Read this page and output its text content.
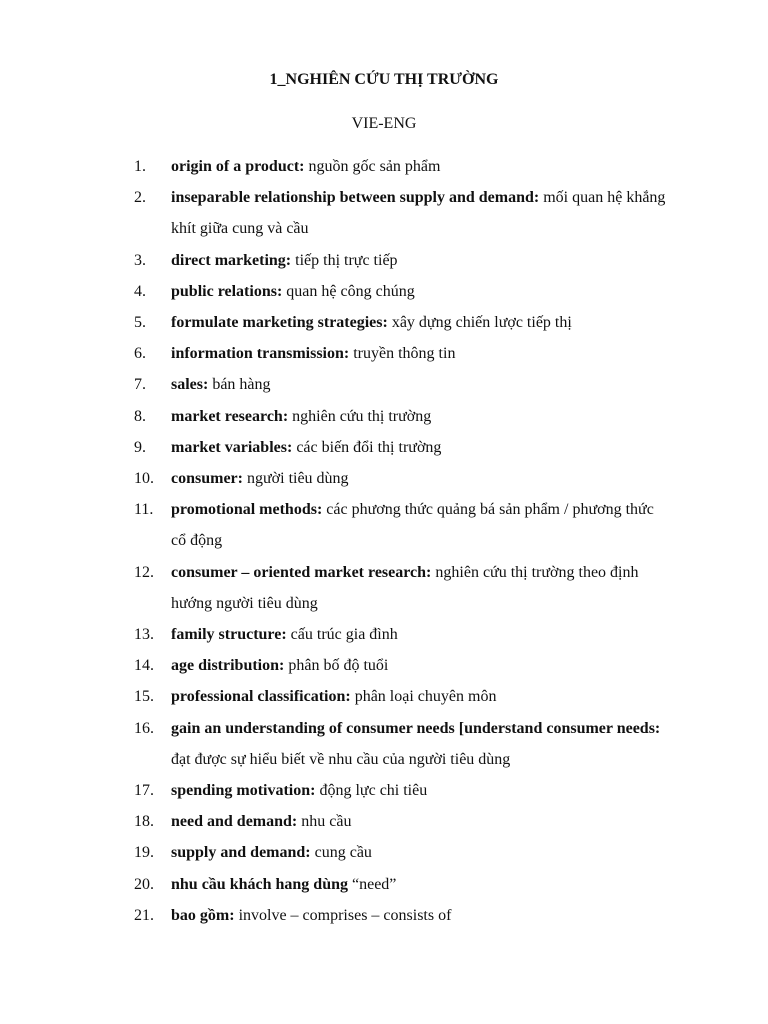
1_NGHIÊN CỨU THỊ TRƯỜNG
VIE-ENG
1. origin of a product: nguồn gốc sản phẩm
2. inseparable relationship between supply and demand: mối quan hệ khắng khít giữa cung và cầu
3. direct marketing: tiếp thị trực tiếp
4. public relations: quan hệ công chúng
5. formulate marketing strategies: xây dựng chiến lược tiếp thị
6. information transmission: truyền thông tin
7. sales: bán hàng
8. market research: nghiên cứu thị trường
9. market variables: các biến đổi thị trường
10. consumer: người tiêu dùng
11. promotional methods: các phương thức quảng bá sản phẩm / phương thức cổ động
12. consumer – oriented market research: nghiên cứu thị trường theo định hướng người tiêu dùng
13. family structure: cấu trúc gia đình
14. age distribution: phân bố độ tuổi
15. professional classification: phân loại chuyên môn
16. gain an understanding of consumer needs [understand consumer needs: đạt được sự hiểu biết về nhu cầu của người tiêu dùng
17. spending motivation: động lực chi tiêu
18. need and demand: nhu cầu
19. supply and demand: cung cầu
20. nhu cầu khách hang dùng “need”
21. bao gồm: involve – comprises – consists of
